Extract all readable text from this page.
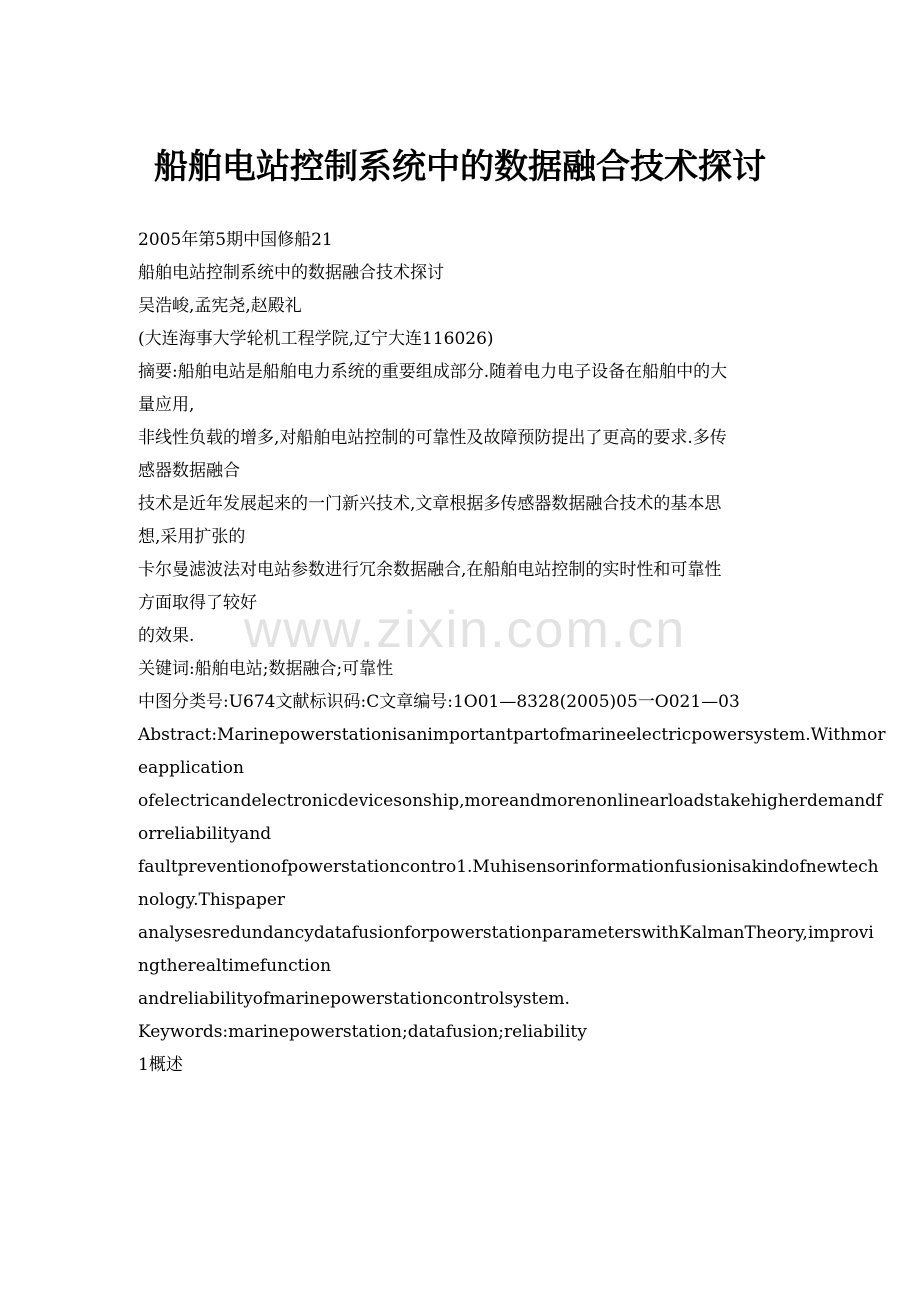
船舶电站控制系统中的数据融合技术探讨

2005年第5期中国修船21

船舶电站控制系统中的数据融合技术探讨

吴浩峻,孟宪尧,赵殿礼

(大连海事大学轮机工程学院,辽宁大连116026)

摘要:船舶电站是船舶电力系统的重要组成部分.随着电力电子设备在船舶中的大

量应用,

非线性负载的增多,对船舶电站控制的可靠性及故障预防提出了更高的要求.多传

感器数据融合

技术是近年发展起来的一门新兴技术,文章根据多传感器数据融合技术的基本思

想,采用扩张的

卡尔曼滤波法对电站参数进行冗余数据融合,在船舶电站控制的实时性和可靠性

方面取得了较好

的效果.

关键词:船舶电站;数据融合;可靠性

中图分类号:U674文献标识码:C文章编号:1O01—8328(2005)05一O021—03

Abstract:Marinepowerstationisanimportantpartofmarineelectricpowersystem.Withmor

eapplication

ofelectricandelectronicdevicesonship,moreandmorenonlinearloadstakehigherdemandf

orreliabilityand

faultpreventionofpowerstationcontro1.Muhisensorinformationfusionisakindofnewtech

nology.Thispaper

analysesredundancydatafusionforpowerstationparameterswithKalmanTheory,improvi

ngtherealtimefunction

andreliabilityofmarinepowerstationcontrolsystem.

Keywords:marinepowerstation;datafusion;reliability

1概述

www.zixin.com.cn
